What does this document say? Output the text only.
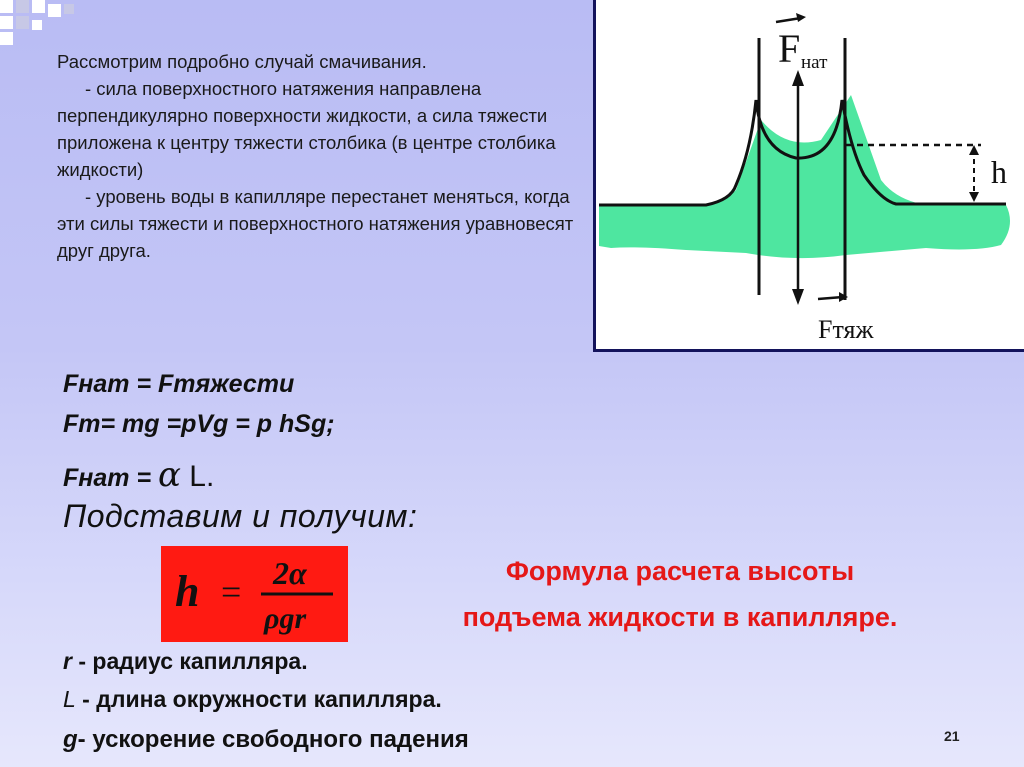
Рассмотрим подробно случай смачивания.

- сила поверхностного натяжения направлена перпендикулярно поверхности жидкости, а сила тяжести приложена к центру тяжести столбика (в центре столбика жидкости)

- уровень воды в капилляре перестанет меняться, когда эти силы тяжести и поверхностного натяжения уравновесят друг друга.

F нат
Fтяж
h

Fнат = Fтяжести

Fm= mg =pVg = p hSg;

Fнат = α L.

Подставим и получим:

h = 2α
ρgr
Формула расчета высоты
подъема жидкости в капилляре.

r - радиус капилляра.

L - длина окружности капилляра.

g- ускорение свободного падения	21
